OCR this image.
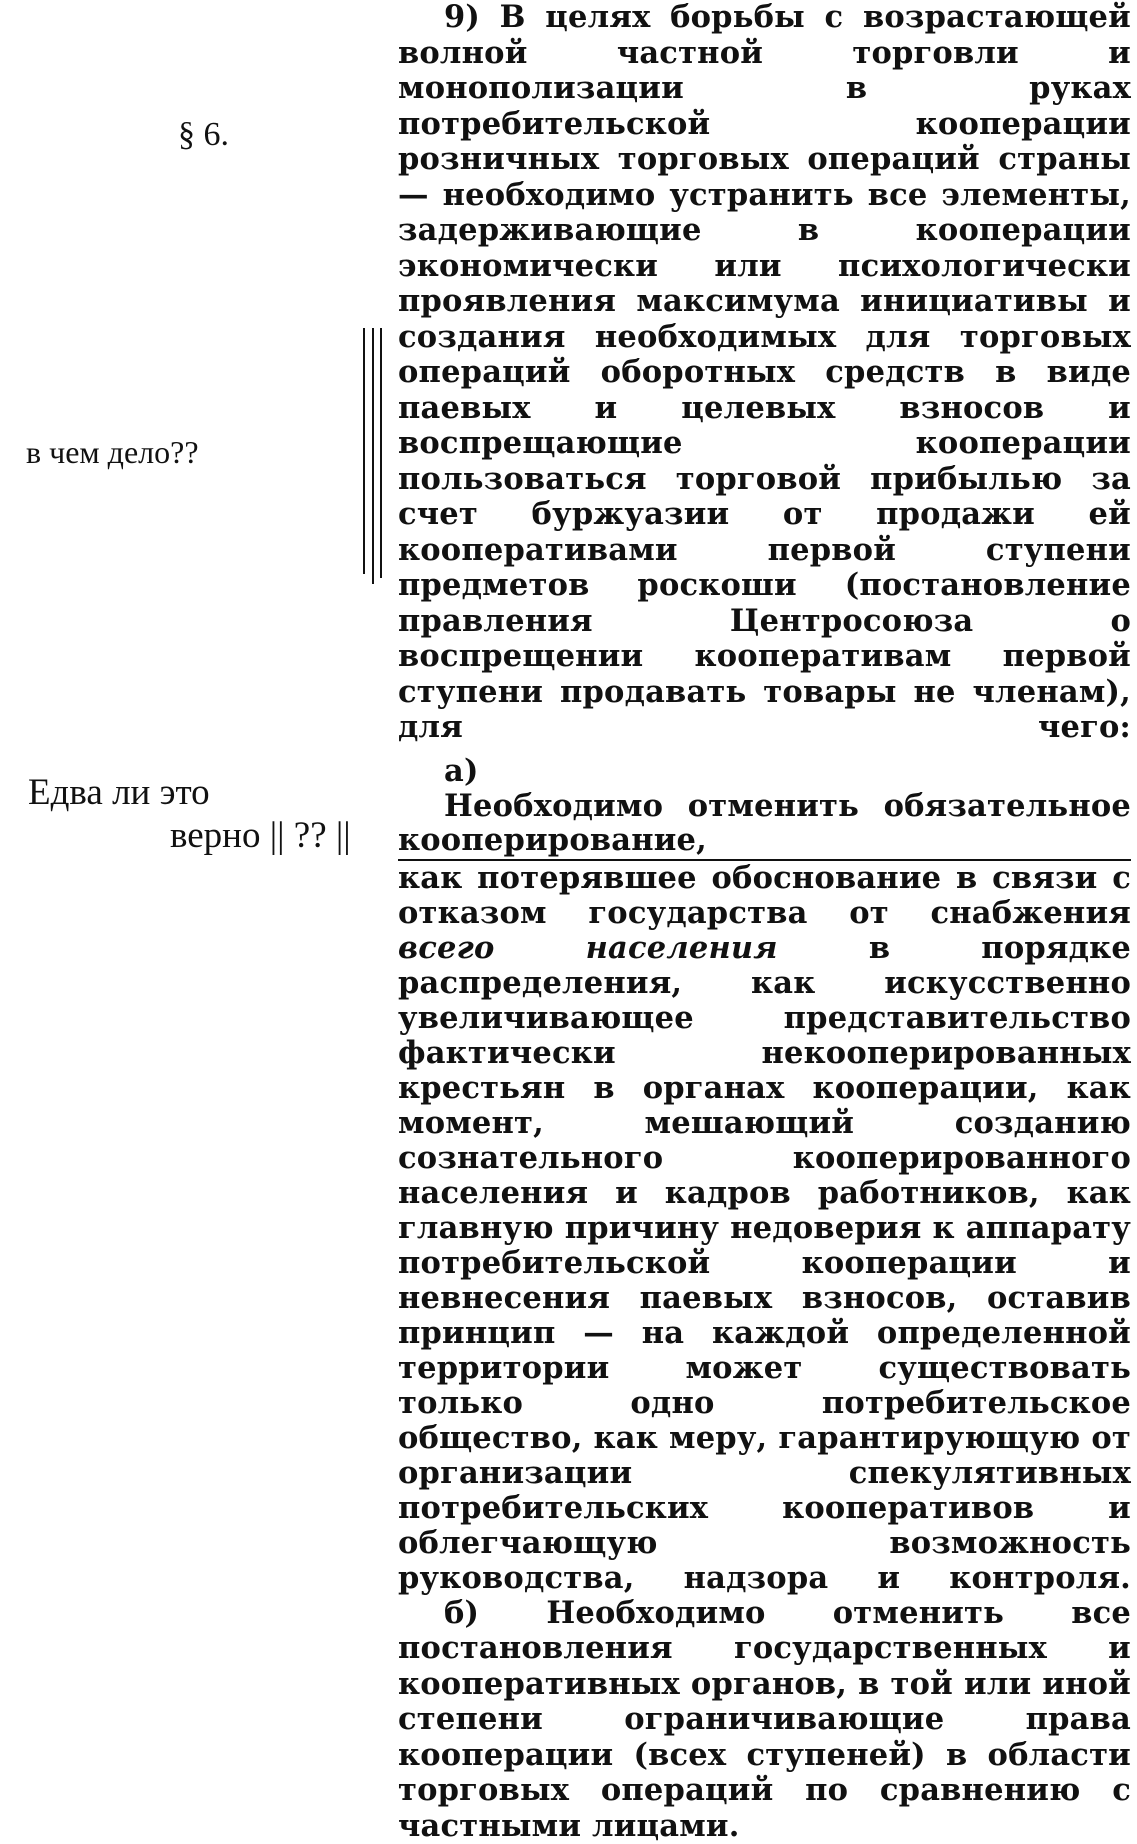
§ 6.
в чем дело??
Едва ли это
верно || ?? ||

9) В целях борьбы с возрастающей волной частной торговли и монополизации в руках потребительской кооперации розничных торговых операций страны — необходимо устранить все элементы, задерживающие в кооперации экономически или психологически проявления максимума инициативы и создания необходимых для торговых операций оборотных средств в виде паевых и целевых взносов и воспрещающие кооперации пользоваться торговой прибылью за счет буржуазии от продажи ей кооперативами первой ступени предметов роскоши (постановление правления Центросоюза о воспрещении кооперативам первой ступени продавать товары не членам), для чего:

а) Необходимо отменить обязательное кооперирование, как потерявшее обоснование в связи с отказом государства от снабжения всего населения	в порядке распределения, как искусственно увеличивающее представительство фактически некооперированных крестьян в органах кооперации, как момент, мешающий созданию сознательного кооперированного населения и кадров работников, как главную причину недоверия к аппарату потребительской кооперации и невнесения паевых взносов, оставив принцип — на каждой определенной территории может существовать только одно потребительское общество, как меру, гарантирующую от организации спекулятивных потребительских кооперативов и облегчающую возможность руководства, надзора и контроля.

б) Необходимо отменить все постановления государственных и кооперативных органов, в той или иной степени ограничивающие права кооперации (всех ступеней) в области торговых операций по сравнению с частными лицами.
